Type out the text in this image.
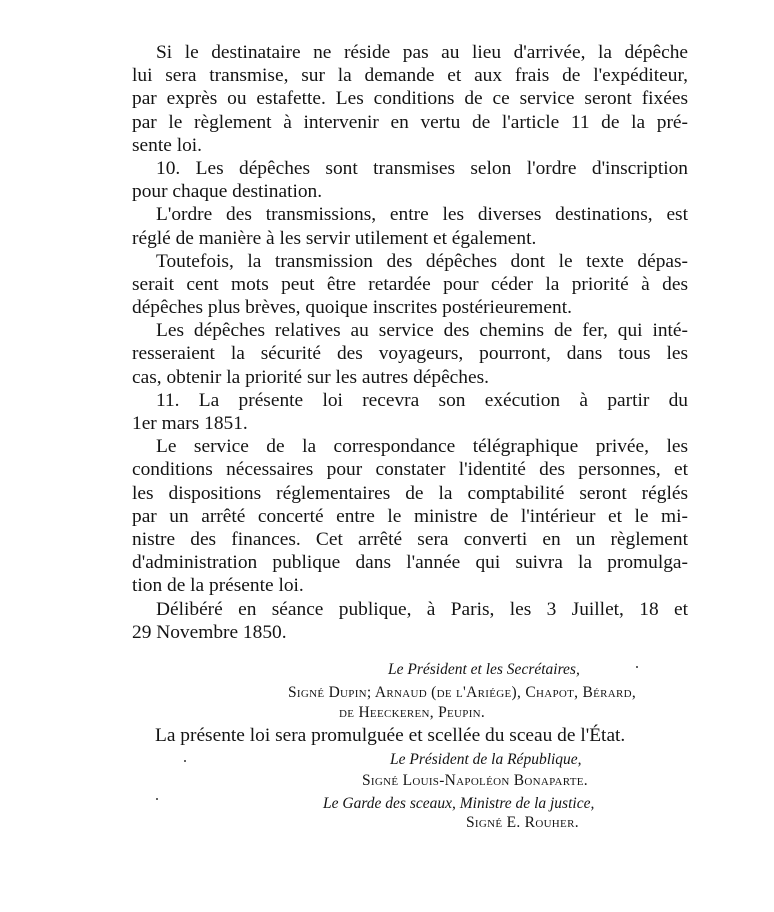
Si le destinataire ne réside pas au lieu d'arrivée, la dépêche
lui sera transmise, sur la demande et aux frais de l'expéditeur,
par exprès ou estafette. Les conditions de ce service seront fixées
par le règlement à intervenir en vertu de l'article 11 de la pré-
sente loi.
10. Les dépêches sont transmises selon l'ordre d'inscription
pour chaque destination.
L'ordre des transmissions, entre les diverses destinations, est
réglé de manière à les servir utilement et également.
Toutefois, la transmission des dépêches dont le texte dépas-
serait cent mots peut être retardée pour céder la priorité à des
dépêches plus brèves, quoique inscrites postérieurement.
Les dépêches relatives au service des chemins de fer, qui inté-
resseraient la sécurité des voyageurs, pourront, dans tous les
cas, obtenir la priorité sur les autres dépêches.
11. La présente loi recevra son exécution à partir du
1er mars 1851.
Le service de la correspondance télégraphique privée, les
conditions nécessaires pour constater l'identité des personnes, et
les dispositions réglementaires de la comptabilité seront réglés
par un arrêté concerté entre le ministre de l'intérieur et le mi-
nistre des finances. Cet arrêté sera converti en un règlement
d'administration publique dans l'année qui suivra la promulga-
tion de la présente loi.
Délibéré en séance publique, à Paris, les 3 Juillet, 18 et
29 Novembre 1850.
Le Président et les Secrétaires,
Signé Dupin; Arnaud (de l'Ariége), Chapot, Bérard,
de Heeckeren, Peupin.
La présente loi sera promulguée et scellée du sceau de l'État.
Le Président de la République,
Signé Louis-Napoléon Bonaparte.
Le Garde des sceaux, Ministre de la justice,
Signé E. Rouher.
